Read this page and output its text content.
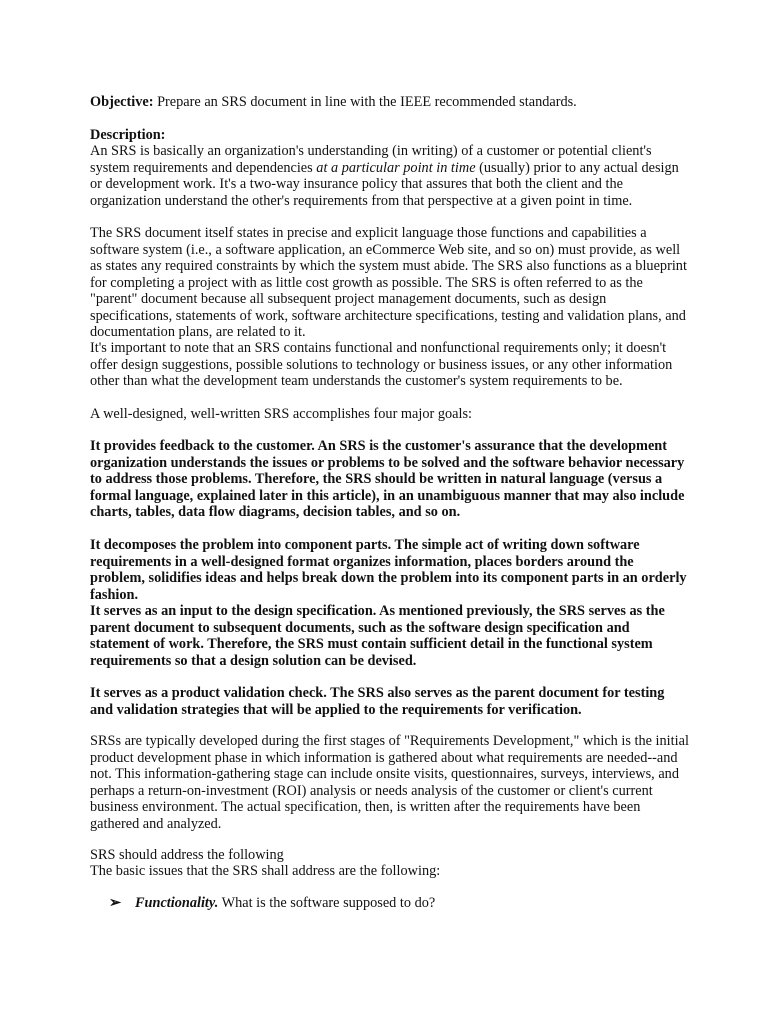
Objective: Prepare an SRS document in line with the IEEE recommended standards.

Description:

An SRS is basically an organization's understanding (in writing) of a customer or potential client's system requirements and dependencies at a particular point in time (usually) prior to any actual design or development work. It's a two-way insurance policy that assures that both the client and the organization understand the other's requirements from that perspective at a given point in time.

The SRS document itself states in precise and explicit language those functions and capabilities a software system (i.e., a software application, an eCommerce Web site, and so on) must provide, as well as states any required constraints by which the system must abide. The SRS also functions as a blueprint for completing a project with as little cost growth as possible. The SRS is often referred to as the "parent" document because all subsequent project management documents, such as design specifications, statements of work, software architecture specifications, testing and validation plans, and documentation plans, are related to it.

It's important to note that an SRS contains functional and nonfunctional requirements only; it doesn't offer design suggestions, possible solutions to technology or business issues, or any other information other than what the development team understands the customer's system requirements to be.

A well-designed, well-written SRS accomplishes four major goals:

It provides feedback to the customer. An SRS is the customer's assurance that the development organization understands the issues or problems to be solved and the software behavior necessary to address those problems. Therefore, the SRS should be written in natural language (versus a formal language, explained later in this article), in an unambiguous manner that may also include charts, tables, data flow diagrams, decision tables, and so on.

It decomposes the problem into component parts. The simple act of writing down software requirements in a well-designed format organizes information, places borders around the problem, solidifies ideas and helps break down the problem into its component parts in an orderly fashion.

It serves as an input to the design specification. As mentioned previously, the SRS serves as the parent document to subsequent documents, such as the software design specification and statement of work. Therefore, the SRS must contain sufficient detail in the functional system requirements so that a design solution can be devised.

It serves as a product validation check. The SRS also serves as the parent document for testing and validation strategies that will be applied to the requirements for verification.

SRSs are typically developed during the first stages of "Requirements Development," which is the initial product development phase in which information is gathered about what requirements are needed--and not. This information-gathering stage can include onsite visits, questionnaires, surveys, interviews, and perhaps a return-on-investment (ROI) analysis or needs analysis of the customer or client's current business environment. The actual specification, then, is written after the requirements have been gathered and analyzed.

SRS should address the following

The basic issues that the SRS shall address are the following:

➢ Functionality. What is the software supposed to do?
